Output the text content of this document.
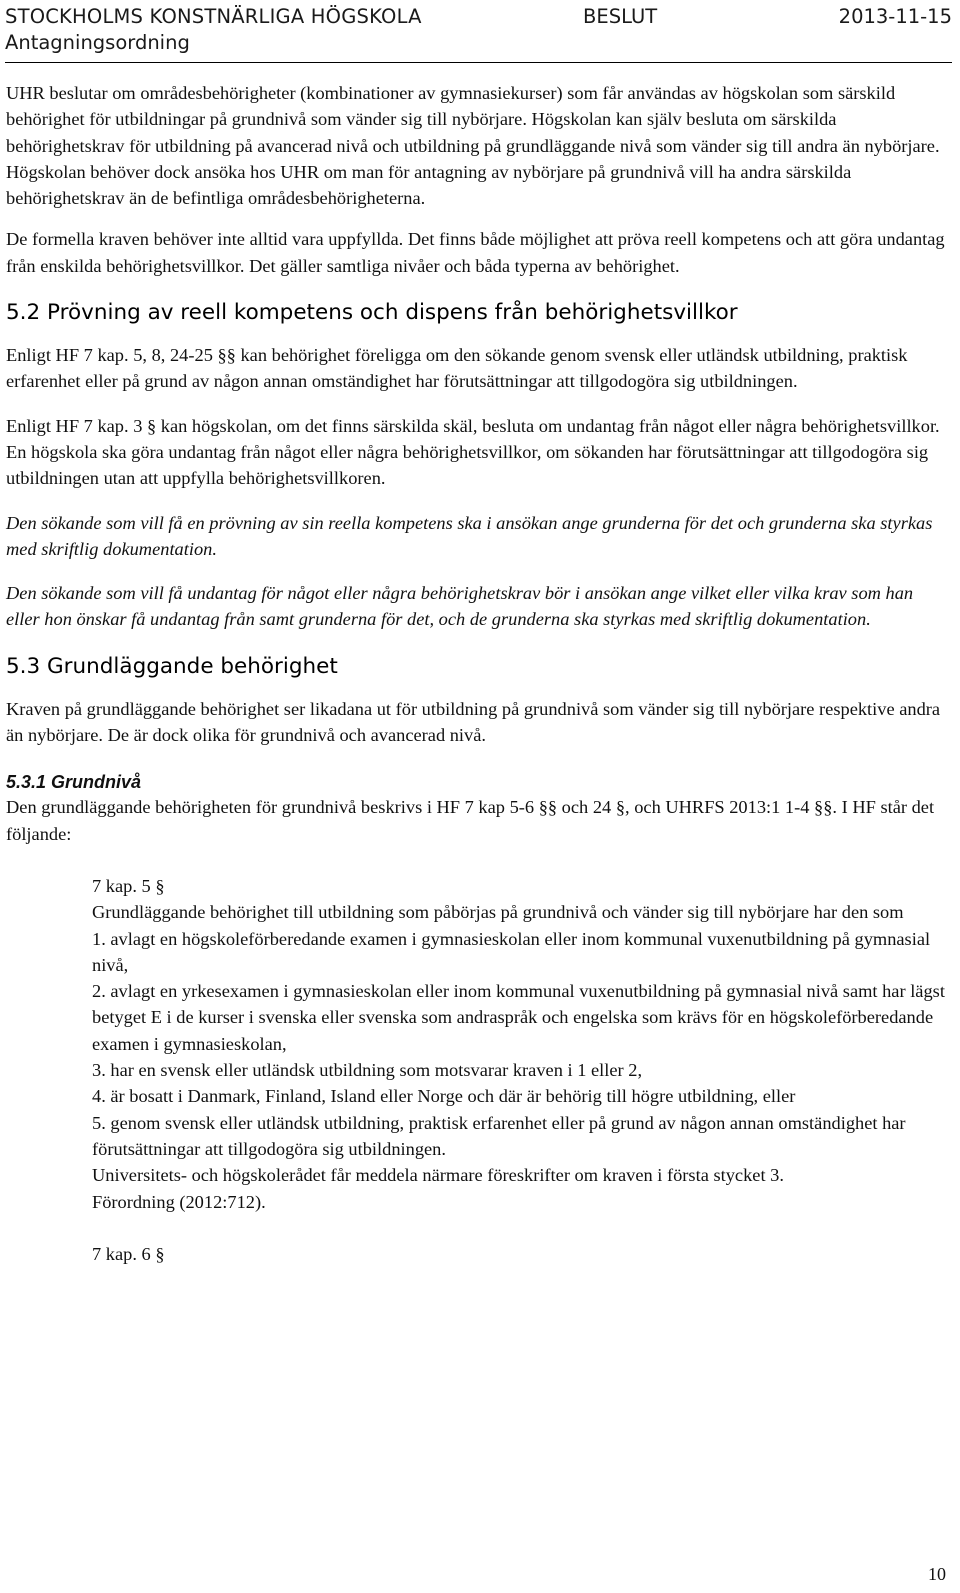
STOCKHOLMS KONSTNÄRLIGA HÖGSKOLA	BESLUT	2013-11-15
Antagningsordning

UHR beslutar om områdesbehörigheter (kombinationer av gymnasiekurser) som får användas av högskolan som särskild behörighet för utbildningar på grundnivå som vänder sig till nybörjare. Högskolan kan själv besluta om särskilda behörighetskrav för utbildning på avancerad nivå och utbildning på grundläggande nivå som vänder sig till andra än nybörjare. Högskolan behöver dock ansöka hos UHR om man för antagning av nybörjare på grundnivå vill ha andra särskilda behörighetskrav än de befintliga områdesbehörigheterna.

De formella kraven behöver inte alltid vara uppfyllda. Det finns både möjlighet att pröva reell kompetens och att göra undantag från enskilda behörighetsvillkor. Det gäller samtliga nivåer och båda typerna av behörighet.

5.2 Prövning av reell kompetens och dispens från behörighetsvillkor

Enligt HF 7 kap. 5, 8, 24-25 §§ kan behörighet föreligga om den sökande genom svensk eller utländsk utbildning, praktisk erfarenhet eller på grund av någon annan omständighet har förutsättningar att tillgodogöra sig utbildningen.

Enligt HF 7 kap. 3 § kan högskolan, om det finns särskilda skäl, besluta om undantag från något eller några behörighetsvillkor. En högskola ska göra undantag från något eller några behörighetsvillkor, om sökanden har förutsättningar att tillgodogöra sig utbildningen utan att uppfylla behörighetsvillkoren.

Den sökande som vill få en prövning av sin reella kompetens ska i ansökan ange grunderna för det och grunderna ska styrkas med skriftlig dokumentation.

Den sökande som vill få undantag för något eller några behörighetskrav bör i ansökan ange vilket eller vilka krav som han eller hon önskar få undantag från samt grunderna för det, och de grunderna ska styrkas med skriftlig dokumentation.

5.3 Grundläggande behörighet

Kraven på grundläggande behörighet ser likadana ut för utbildning på grundnivå som vänder sig till nybörjare respektive andra än nybörjare. De är dock olika för grundnivå och avancerad nivå.

5.3.1 Grundnivå

Den grundläggande behörigheten för grundnivå beskrivs i HF 7 kap 5-6 §§ och 24 §, och UHRFS 2013:1 1-4 §§. I HF står det följande:

7 kap. 5 §

Grundläggande behörighet till utbildning som påbörjas på grundnivå och vänder sig till nybörjare har den som

1. avlagt en högskoleförberedande examen i gymnasieskolan eller inom kommunal vuxenutbildning på gymnasial nivå,

2. avlagt en yrkesexamen i gymnasieskolan eller inom kommunal vuxenutbildning på gymnasial nivå samt har lägst betyget E i de kurser i svenska eller svenska som andraspråk och engelska som krävs för en högskoleförberedande examen i gymnasieskolan,

3. har en svensk eller utländsk utbildning som motsvarar kraven i 1 eller 2,

4. är bosatt i Danmark, Finland, Island eller Norge och där är behörig till högre utbildning, eller

5. genom svensk eller utländsk utbildning, praktisk erfarenhet eller på grund av någon annan omständighet har förutsättningar att tillgodogöra sig utbildningen.

Universitets- och högskolerådet får meddela närmare föreskrifter om kraven i första stycket 3.

Förordning (2012:712).

7 kap. 6 §

10
